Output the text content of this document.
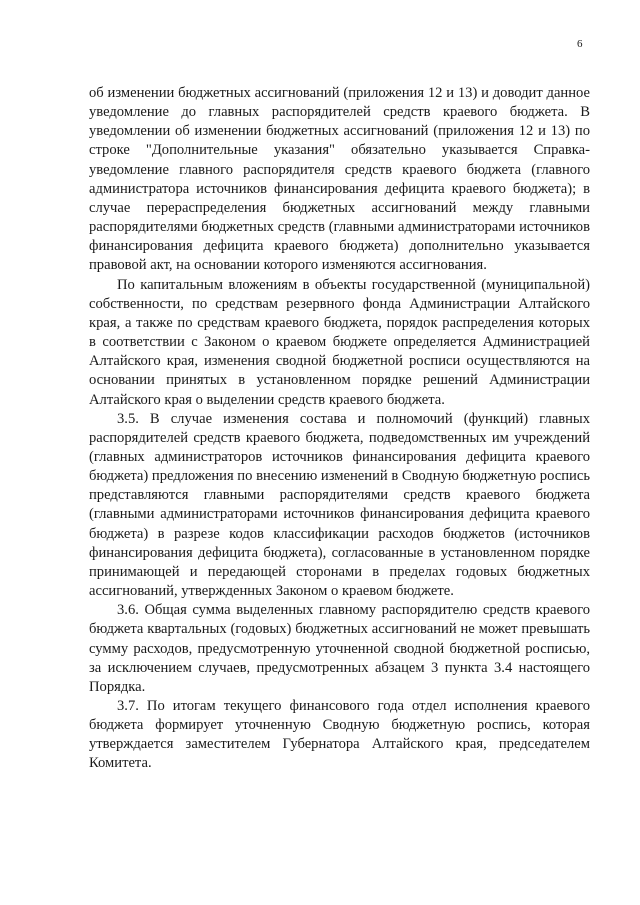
6

об изменении бюджетных ассигнований (приложения 12 и 13) и доводит данное уведомление до главных распорядителей средств краевого бюджета. В уведомлении об изменении бюджетных ассигнований (приложения 12 и 13) по строке "Дополнительные указания" обязательно указывается Справка-уведомление главного распорядителя средств краевого бюджета (главного администратора источников финансирования дефицита краевого бюджета); в случае перераспределения бюджетных ассигнований между главными распорядителями бюджетных средств (главными администраторами источников финансирования дефицита краевого бюджета) дополнительно указывается правовой акт, на основании которого изменяются ассигнования.

По капитальным вложениям в объекты государственной (муниципальной) собственности, по средствам резервного фонда Администрации Алтайского края, а также по средствам краевого бюджета, порядок распределения которых в соответствии с Законом о краевом бюджете определяется Администрацией Алтайского края, изменения сводной бюджетной росписи осуществляются на основании принятых в установленном порядке решений Администрации Алтайского края о выделении средств краевого бюджета.

3.5. В случае изменения состава и полномочий (функций) главных распорядителей средств краевого бюджета, подведомственных им учреждений (главных администраторов источников финансирования дефицита краевого бюджета) предложения по внесению изменений в Сводную бюджетную роспись представляются главными распорядителями средств краевого бюджета (главными администраторами источников финансирования дефицита краевого бюджета) в разрезе кодов классификации расходов бюджетов (источников финансирования дефицита бюджета), согласованные в установленном порядке принимающей и передающей сторонами в пределах годовых бюджетных ассигнований, утвержденных Законом о краевом бюджете.

3.6. Общая сумма выделенных главному распорядителю средств краевого бюджета квартальных (годовых) бюджетных ассигнований не может превышать сумму расходов, предусмотренную уточненной сводной бюджетной росписью, за исключением случаев, предусмотренных абзацем 3 пункта 3.4 настоящего Порядка.

3.7. По итогам текущего финансового года отдел исполнения краевого бюджета формирует уточненную Сводную бюджетную роспись, которая утверждается заместителем Губернатора Алтайского края, председателем Комитета.
